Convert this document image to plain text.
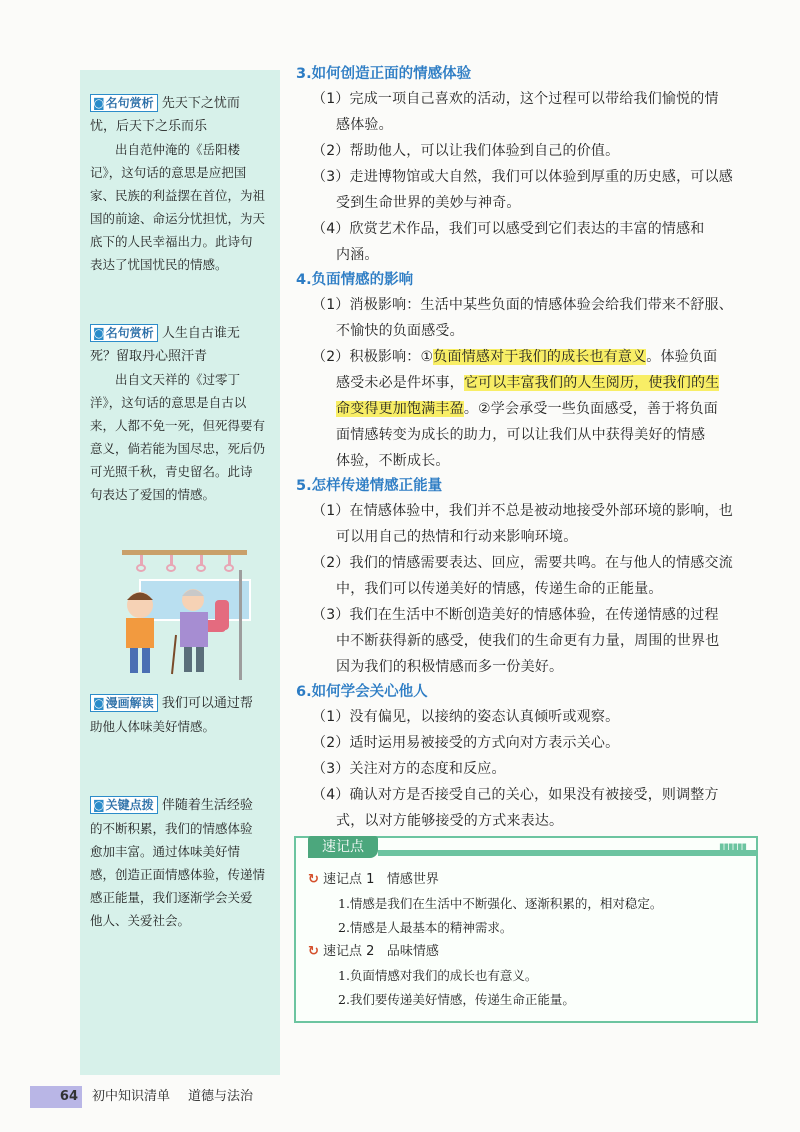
◙名句赏析 先天下之忧而
忧，后天下之乐而乐
出自范仲淹的《岳阳楼
记》，这句话的意思是应把国
家、民族的利益摆在首位，为祖
国的前途、命运分忧担忧，为天
底下的人民幸福出力。此诗句
表达了忧国忧民的情感。
◙名句赏析 人生自古谁无
死？留取丹心照汗青
出自文天祥的《过零丁
洋》，这句话的意思是自古以
来，人都不免一死，但死得要有
意义，倘若能为国尽忠，死后仍
可光照千秋，青史留名。此诗
句表达了爱国的情感。
◙漫画解读 我们可以通过帮
助他人体味美好情感。
◙关键点拨 伴随着生活经验
的不断积累，我们的情感体验
愈加丰富。通过体味美好情
感，创造正面情感体验，传递情
感正能量，我们逐渐学会关爱
他人、关爱社会。
3.如何创造正面的情感体验

（1）完成一项自己喜欢的活动，这个过程可以带给我们愉悦的情
感体验。

（2）帮助他人，可以让我们体验到自己的价值。

（3）走进博物馆或大自然，我们可以体验到厚重的历史感，可以感
受到生命世界的美妙与神奇。

（4）欣赏艺术作品，我们可以感受到它们表达的丰富的情感和
内涵。

4.负面情感的影响

（1）消极影响：生活中某些负面的情感体验会给我们带来不舒服、
不愉快的负面感受。

（2）积极影响：①负面情感对于我们的成长也有意义。体验负面
感受未必是件坏事，它可以丰富我们的人生阅历，使我们的生
命变得更加饱满丰盈。②学会承受一些负面感受，善于将负面
面情感转变为成长的助力，可以让我们从中获得美好的情感
体验，不断成长。

5.怎样传递情感正能量

（1）在情感体验中，我们并不总是被动地接受外部环境的影响，也
可以用自己的热情和行动来影响环境。

（2）我们的情感需要表达、回应，需要共鸣。在与他人的情感交流
中，我们可以传递美好的情感，传递生命的正能量。

（3）我们在生活中不断创造美好的情感体验，在传递情感的过程
中不断获得新的感受，使我们的生命更有力量，周围的世界也
因为我们的积极情感而多一份美好。

6.如何学会关心他人

（1）没有偏见，以接纳的姿态认真倾听或观察。

（2）适时运用易被接受的方式向对方表示关心。

（3）关注对方的态度和反应。

（4）确认对方是否接受自己的关心，如果没有被接受，则调整方
式，以对方能够接受的方式来表达。

速记点	▮▮▮▮▮▮
↻ 速记点 1 情感世界
1.情感是我们在生活中不断强化、逐渐积累的，相对稳定。
2.情感是人最基本的精神需求。
↻ 速记点 2 品味情感
1.负面情感对我们的成长也有意义。
2.我们要传递美好情感，传递生命正能量。
64	初中知识清单 道德与法治
